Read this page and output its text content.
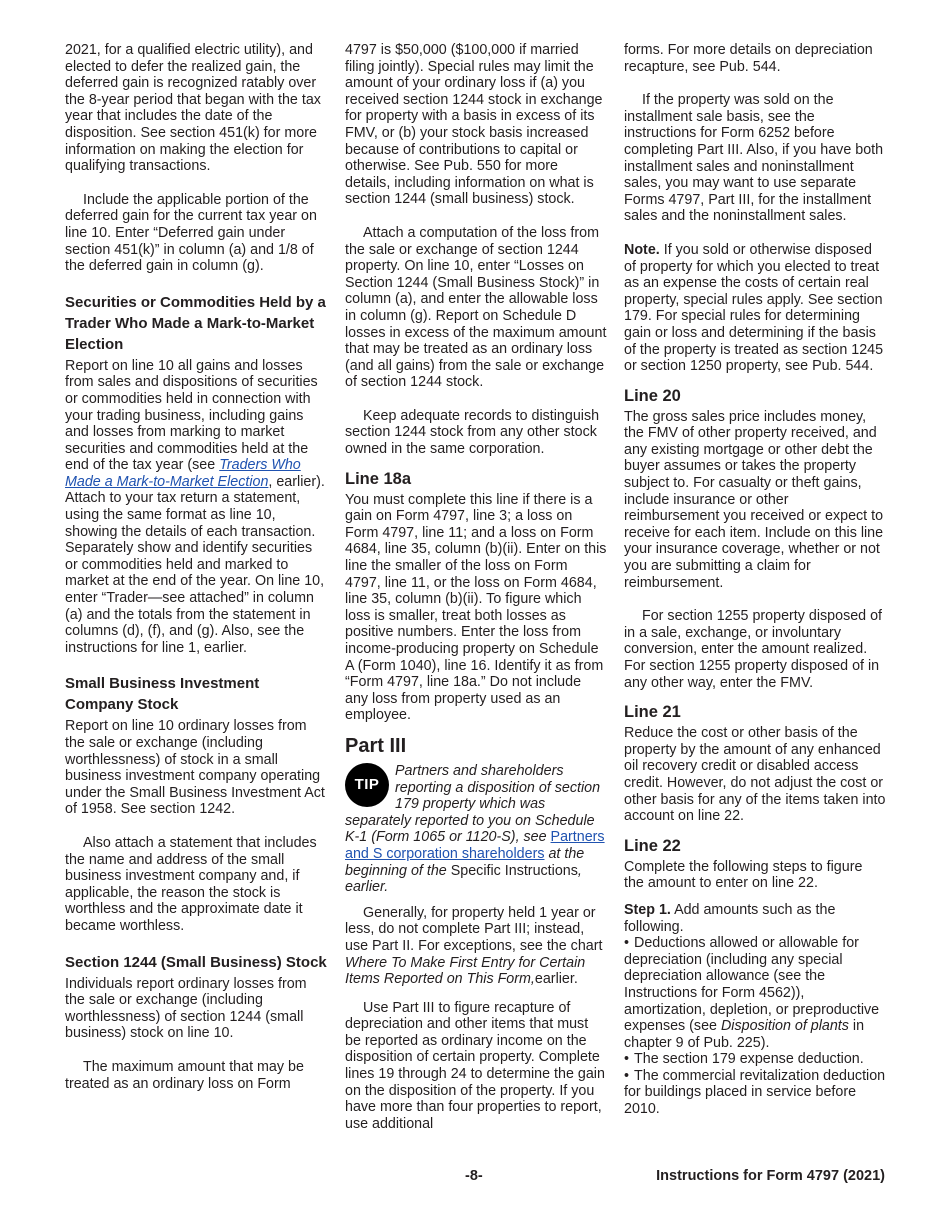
2021, for a qualified electric utility), and elected to defer the realized gain, the deferred gain is recognized ratably over the 8-year period that began with the tax year that includes the date of the disposition. See section 451(k) for more information on making the election for qualifying transactions.

Include the applicable portion of the deferred gain for the current tax year on line 10. Enter “Deferred gain under section 451(k)” in column (a) and 1/8 of the deferred gain in column (g).

Securities or Commodities Held by a Trader Who Made a Mark-to-Market Election

Report on line 10 all gains and losses from sales and dispositions of securities or commodities held in connection with your trading business, including gains and losses from marking to market securities and commodities held at the end of the tax year (see Traders Who Made a Mark-to-Market Election, earlier). Attach to your tax return a statement, using the same format as line 10, showing the details of each transaction. Separately show and identify securities or commodities held and marked to market at the end of the year. On line 10, enter “Trader—see attached” in column (a) and the totals from the statement in columns (d), (f), and (g). Also, see the instructions for line 1, earlier.

Small Business Investment Company Stock

Report on line 10 ordinary losses from the sale or exchange (including worthlessness) of stock in a small business investment company operating under the Small Business Investment Act of 1958. See section 1242.

Also attach a statement that includes the name and address of the small business investment company and, if applicable, the reason the stock is worthless and the approximate date it became worthless.

Section 1244 (Small Business) Stock

Individuals report ordinary losses from the sale or exchange (including worthlessness) of section 1244 (small business) stock on line 10.

The maximum amount that may be treated as an ordinary loss on Form

4797 is $50,000 ($100,000 if married filing jointly). Special rules may limit the amount of your ordinary loss if (a) you received section 1244 stock in exchange for property with a basis in excess of its FMV, or (b) your stock basis increased because of contributions to capital or otherwise. See Pub. 550 for more details, including information on what is section 1244 (small business) stock.

Attach a computation of the loss from the sale or exchange of section 1244 property. On line 10, enter “Losses on Section 1244 (Small Business Stock)” in column (a), and enter the allowable loss in column (g). Report on Schedule D losses in excess of the maximum amount that may be treated as an ordinary loss (and all gains) from the sale or exchange of section 1244 stock.

Keep adequate records to distinguish section 1244 stock from any other stock owned in the same corporation.

Line 18a

You must complete this line if there is a gain on Form 4797, line 3; a loss on Form 4797, line 11; and a loss on Form 4684, line 35, column (b)(ii). Enter on this line the smaller of the loss on Form 4797, line 11, or the loss on Form 4684, line 35, column (b)(ii). To figure which loss is smaller, treat both losses as positive numbers. Enter the loss from income-producing property on Schedule A (Form 1040), line 16. Identify it as from “Form 4797, line 18a.” Do not include any loss from property used as an employee.

Part III
TIP

Partners and shareholders reporting a disposition of section 179 property which was separately reported to you on Schedule K-1 (Form 1065 or 1120-S), see Partners and S corporation shareholders at the beginning of the Specific Instructions, earlier.

Generally, for property held 1 year or less, do not complete Part III; instead, use Part II. For exceptions, see the chart Where To Make First Entry for Certain Items Reported on This Form,earlier.

Use Part III to figure recapture of depreciation and other items that must be reported as ordinary income on the disposition of certain property. Complete lines 19 through 24 to determine the gain on the disposition of the property. If you have more than four properties to report, use additional

forms. For more details on depreciation recapture, see Pub. 544.

If the property was sold on the installment sale basis, see the instructions for Form 6252 before completing Part III. Also, if you have both installment sales and noninstallment sales, you may want to use separate Forms 4797, Part III, for the installment sales and the noninstallment sales.

Note. If you sold or otherwise disposed of property for which you elected to treat as an expense the costs of certain real property, special rules apply. See section 179. For special rules for determining gain or loss and determining if the basis of the property is treated as section 1245 or section 1250 property, see Pub. 544.

Line 20

The gross sales price includes money, the FMV of other property received, and any existing mortgage or other debt the buyer assumes or takes the property subject to. For casualty or theft gains, include insurance or other reimbursement you received or expect to receive for each item. Include on this line your insurance coverage, whether or not you are submitting a claim for reimbursement.

For section 1255 property disposed of in a sale, exchange, or involuntary conversion, enter the amount realized. For section 1255 property disposed of in any other way, enter the FMV.

Line 21

Reduce the cost or other basis of the property by the amount of any enhanced oil recovery credit or disabled access credit. However, do not adjust the cost or other basis for any of the items taken into account on line 22.

Line 22

Complete the following steps to figure the amount to enter on line 22.

Step 1. Add amounts such as the following.

• Deductions allowed or allowable for depreciation (including any special depreciation allowance (see the Instructions for Form 4562)), amortization, depletion, or preproductive expenses (see Disposition of plants in chapter 9 of Pub. 225).

• The section 179 expense deduction.

• The commercial revitalization deduction for buildings placed in service before 2010.

-8-	Instructions for Form 4797 (2021)
